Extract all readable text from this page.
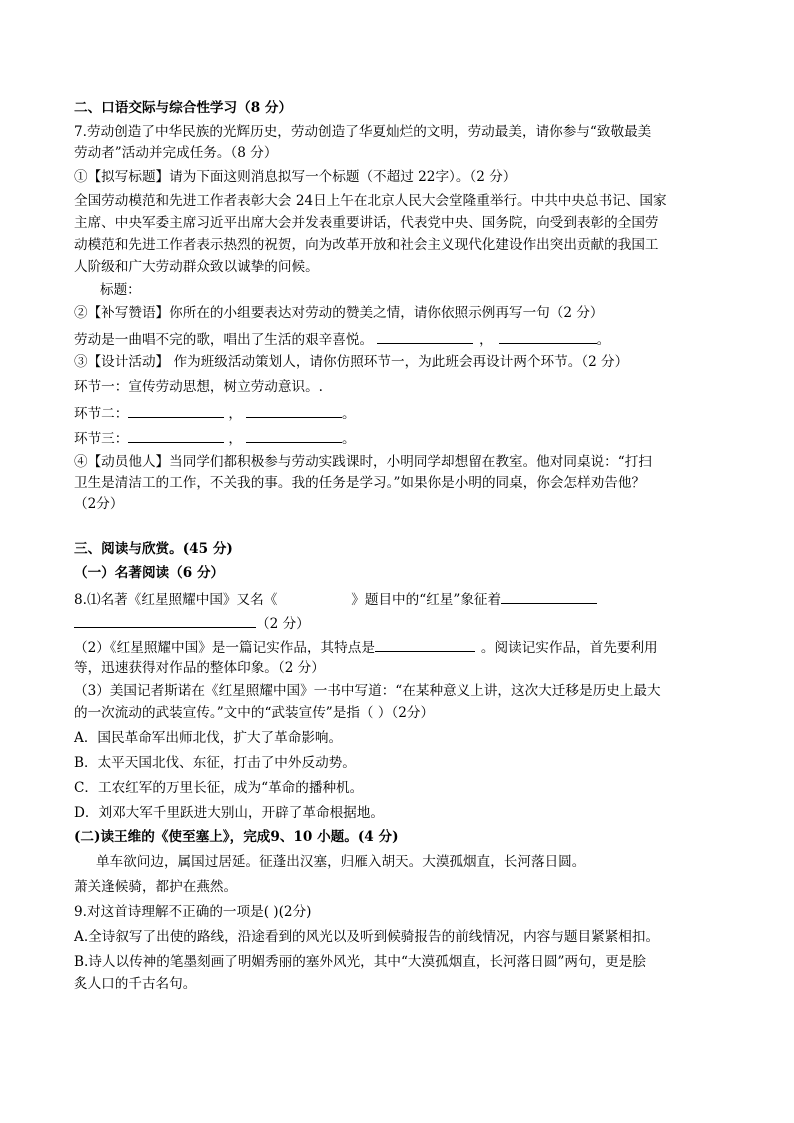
二、口语交际与综合性学习（8 分）
7.劳动创造了中华民族的光辉历史，劳动创造了华夏灿烂的文明，劳动最美，请你参与“致敬最美
劳动者”活动并完成任务。（8 分）
①【拟写标题】请为下面这则消息拟写一个标题（不超过 22字）。（2 分）
全国劳动模范和先进工作者表彰大会 24日上午在北京人民大会堂隆重举行。中共中央总书记、国家
主席、中央军委主席习近平出席大会并发表重要讲话，代表党中央、国务院，向受到表彰的全国劳
动模范和先进工作者表示热烈的祝贺，向为改革开放和社会主义现代化建设作出突出贡献的我国工
人阶级和广大劳动群众致以诚挚的问候。
标题：
②【补写赞语】你所在的小组要表达对劳动的赞美之情，请你依照示例再写一句（2 分）
劳动是一曲唱不完的歌，唱出了生活的艰辛喜悦。	，	。
③【设计活动】 作为班级活动策划人，请你仿照环节一，为此班会再设计两个环节。（2 分）
环节一：宣传劳动思想，树立劳动意识。.
环节二：	，	。
环节三：	，	。
④【动员他人】当同学们都积极参与劳动实践课时，小明同学却想留在教室。他对同桌说：“打扫
卫生是清洁工的工作，不关我的事。我的任务是学习。”如果你是小明的同桌，你会怎样劝告他？
（2分）
三、阅读与欣赏。(45 分)
（一）名著阅读（6 分）
8.⑴名著《红星照耀中国》又名《	》题目中的“红星”象征着
（2 分）
（2）《红星照耀中国》是一篇记实作品，其特点是	。阅读记实作品，首先要利用
等，迅速获得对作品的整体印象。（2 分）
（3）美国记者斯诺在《红星照耀中国》一书中写道：“在某种意义上讲，这次大迁移是历史上最大
的一次流动的武装宣传。”文中的“武装宣传”是指（ ）（2分）
A．国民革命军出师北伐，扩大了革命影响。
B．太平天国北伐、东征，打击了中外反动势。
C．工农红军的万里长征，成为“革命的播种机。
D．刘邓大军千里跃进大别山，开辟了革命根据地。
(二)读王维的《使至塞上》，完成9、10 小题。(4 分)
单车欲问边，属国过居延。征蓬出汉塞，归雁入胡天。大漠孤烟直，长河落日圆。
萧关逢候骑，都护在燕然。
9.对这首诗理解不正确的一项是( )(2分)
A.全诗叙写了出使的路线，沿途看到的风光以及听到候骑报告的前线情况，内容与题目紧紧相扣。
B.诗人以传神的笔墨刻画了明媚秀丽的塞外风光，其中“大漠孤烟直，长河落日圆”两句，更是脍
炙人口的千古名句。
